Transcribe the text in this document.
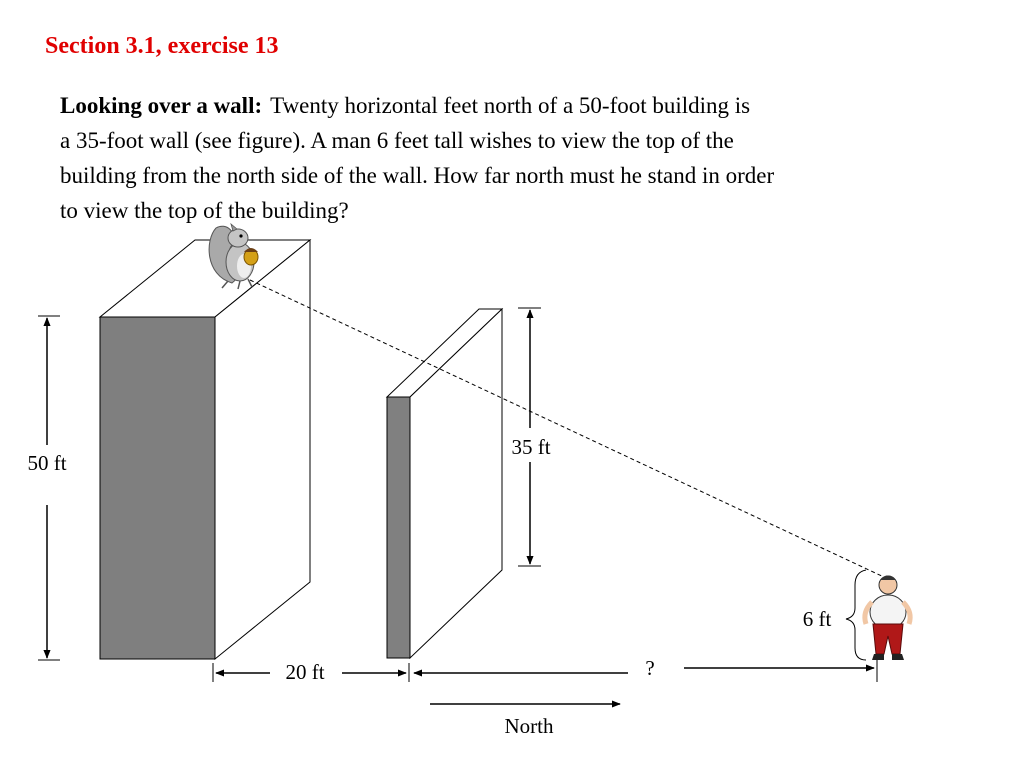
Section 3.1, exercise 13
Looking over a wall: Twenty horizontal feet north of a 50-foot building is
a 35-foot wall (see figure). A man 6 feet tall wishes to view the top of the
building from the north side of the wall. How far north must he stand in order
to view the top of the building?
50 ft
35 ft
6 ft
20 ft	?
North
